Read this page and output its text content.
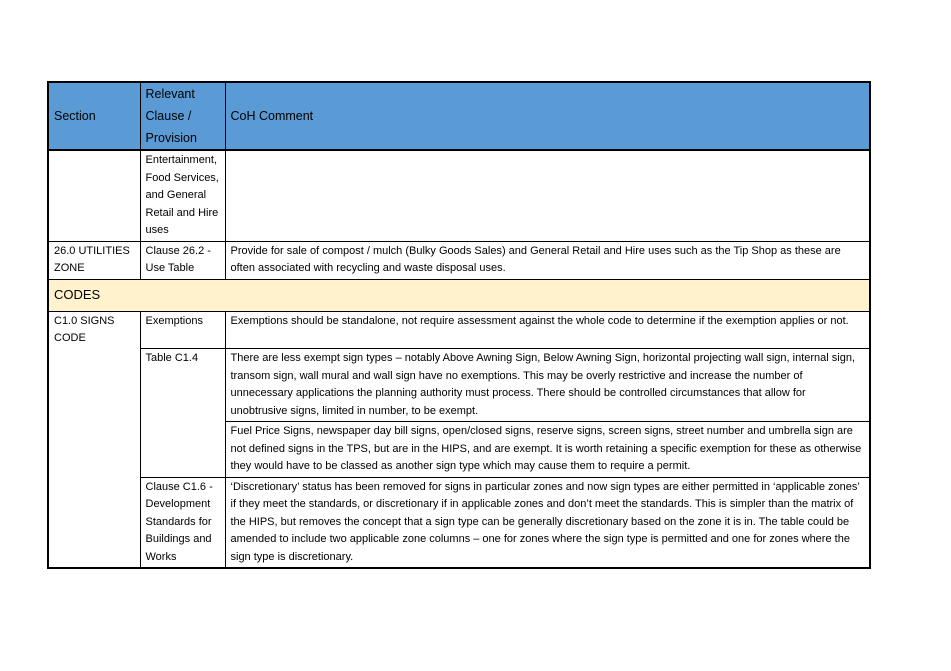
Section	Relevant Clause / Provision	CoH Comment
	Entertainment, Food Services, and General Retail and Hire uses	
26.0 UTILITIES ZONE	Clause 26.2 - Use Table	Provide for sale of compost / mulch (Bulky Goods Sales) and General Retail and Hire uses such as the Tip Shop as these are often associated with recycling and waste disposal uses.
CODES		
C1.0 SIGNS CODE	Exemptions	Exemptions should be standalone, not require assessment against the whole code to determine if the exemption applies or not.
	Table C1.4	There are less exempt sign types – notably Above Awning Sign, Below Awning Sign, horizontal projecting wall sign, internal sign, transom sign, wall mural and wall sign have no exemptions. This may be overly restrictive and increase the number of unnecessary applications the planning authority must process. There should be controlled circumstances that allow for unobtrusive signs, limited in number, to be exempt.
		Fuel Price Signs, newspaper day bill signs, open/closed signs, reserve signs, screen signs, street number and umbrella sign are not defined signs in the TPS, but are in the HIPS, and are exempt. It is worth retaining a specific exemption for these as otherwise they would have to be classed as another sign type which may cause them to require a permit.
	Clause C1.6 - Development Standards for Buildings and Works	‘Discretionary’ status has been removed for signs in particular zones and now sign types are either permitted in ‘applicable zones’ if they meet the standards, or discretionary if in applicable zones and don’t meet the standards. This is simpler than the matrix of the HIPS, but removes the concept that a sign type can be generally discretionary based on the zone it is in. The table could be amended to include two applicable zone columns – one for zones where the sign type is permitted and one for zones where the sign type is discretionary.
